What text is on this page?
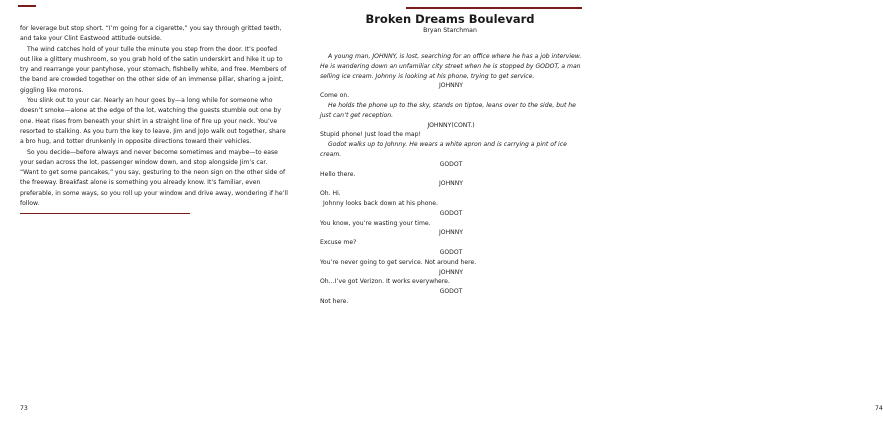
for leverage but stop short. “I’m going for a cigarette,” you say through gritted teeth, and take your Clint Eastwood attitude outside.

The wind catches hold of your tulle the minute you step from the door. It’s poofed out like a glittery mushroom, so you grab hold of the satin underskirt and hike it up to try and rearrange your pantyhose, your stomach, fishbelly white, and free. Members of the band are crowded together on the other side of an immense pillar, sharing a joint, giggling like morons.

You slink out to your car. Nearly an hour goes by—a long while for someone who doesn’t smoke—alone at the edge of the lot, watching the guests stumble out one by one. Heat rises from beneath your shirt in a straight line of fire up your neck. You’ve resorted to stalking. As you turn the key to leave, Jim and JoJo walk out together, share a bro hug, and totter drunkenly in opposite directions toward their vehicles.

So you decide—before always and never become sometimes and maybe—to ease your sedan across the lot, passenger window down, and stop alongside Jim’s car. “Want to get some pancakes,” you say, gesturing to the neon sign on the other side of the freeway. Breakfast alone is something you already know. It’s familiar, even preferable, in some ways, so you roll up your window and drive away, wondering if he’ll follow.

73
Broken Dreams Boulevard
Bryan Starchman

A young man, JOHNNY, is lost, searching for an office where he has a job interview. He is wandering down an unfamiliar city street when he is stopped by GODOT, a man selling ice cream. Johnny is looking at his phone, trying to get service.

JOHNNY

Come on.

He holds the phone up to the sky, stands on tiptoe, leans over to the side, but he just can’t get reception.

JOHNNY(CONT.)

Stupid phone! Just load the map!

Godot walks up to Johnny. He wears a white apron and is carrying a pint of ice cream.

GODOT

Hello there.

JOHNNY

Oh. Hi.

Johnny looks back down at his phone.

GODOT

You know, you’re wasting your time.

JOHNNY

Excuse me?

GODOT

You’re never going to get service. Not around here.

JOHNNY

Oh…I’ve got Verizon. It works everywhere.

GODOT

Not here.

74
